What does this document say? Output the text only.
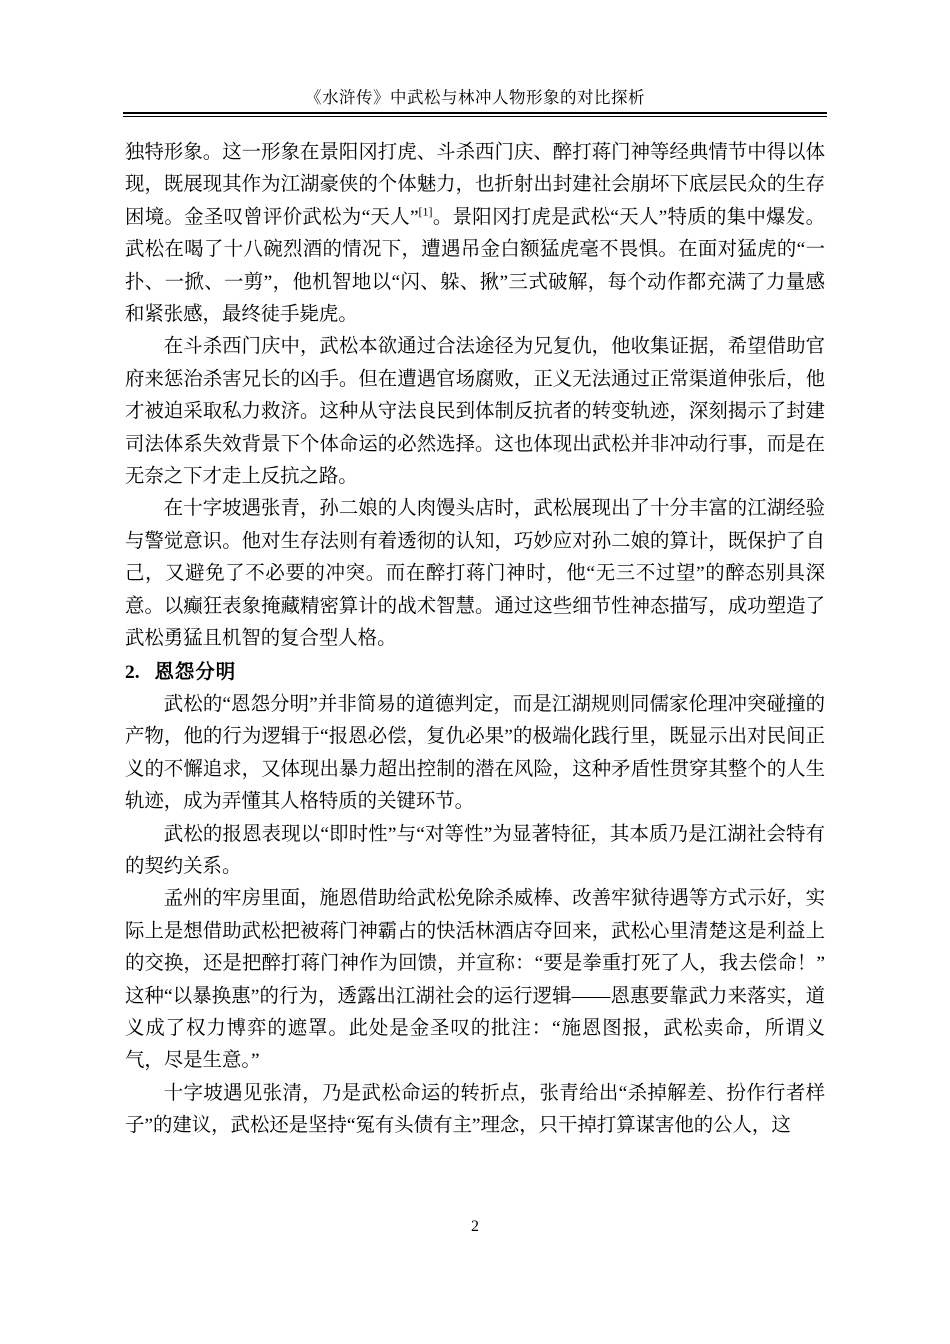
《水浒传》中武松与林冲人物形象的对比探析

独特形象。这一形象在景阳冈打虎、斗杀西门庆、醉打蒋门神等经典情节中得以体现，既展现其作为江湖豪侠的个体魅力，也折射出封建社会崩坏下底层民众的生存困境。金圣叹曾评价武松为“天人”[1]。景阳冈打虎是武松“天人”特质的集中爆发。武松在喝了十八碗烈酒的情况下，遭遇吊金白额猛虎毫不畏惧。在面对猛虎的“一扑、一掀、一剪”，他机智地以“闪、躲、揪”三式破解，每个动作都充满了力量感和紧张感，最终徒手毙虎。

在斗杀西门庆中，武松本欲通过合法途径为兄复仇，他收集证据，希望借助官府来惩治杀害兄长的凶手。但在遭遇官场腐败，正义无法通过正常渠道伸张后，他才被迫采取私力救济。这种从守法良民到体制反抗者的转变轨迹，深刻揭示了封建司法体系失效背景下个体命运的必然选择。这也体现出武松并非冲动行事，而是在无奈之下才走上反抗之路。

在十字坡遇张青，孙二娘的人肉馒头店时，武松展现出了十分丰富的江湖经验与警觉意识。他对生存法则有着透彻的认知，巧妙应对孙二娘的算计，既保护了自己，又避免了不必要的冲突。而在醉打蒋门神时，他“无三不过望”的醉态别具深意。以癫狂表象掩藏精密算计的战术智慧。通过这些细节性神态描写，成功塑造了武松勇猛且机智的复合型人格。

2. 恩怨分明

武松的“恩怨分明”并非简易的道德判定，而是江湖规则同儒家伦理冲突碰撞的产物，他的行为逻辑于“报恩必偿，复仇必果”的极端化践行里，既显示出对民间正义的不懈追求，又体现出暴力超出控制的潜在风险，这种矛盾性贯穿其整个的人生轨迹，成为弄懂其人格特质的关键环节。

武松的报恩表现以“即时性”与“对等性”为显著特征，其本质乃是江湖社会特有的契约关系。

孟州的牢房里面，施恩借助给武松免除杀威棒、改善牢狱待遇等方式示好，实际上是想借助武松把被蒋门神霸占的快活林酒店夺回来，武松心里清楚这是利益上的交换，还是把醉打蒋门神作为回馈，并宣称：“要是拳重打死了人，我去偿命！”这种“以暴换惠”的行为，透露出江湖社会的运行逻辑——恩惠要靠武力来落实，道义成了权力博弈的遮罩。此处是金圣叹的批注：“施恩图报，武松卖命，所谓义气，尽是生意。”

十字坡遇见张清，乃是武松命运的转折点，张青给出“杀掉解差、扮作行者样子”的建议，武松还是坚持“冤有头债有主”理念，只干掉打算谋害他的公人，这

2
